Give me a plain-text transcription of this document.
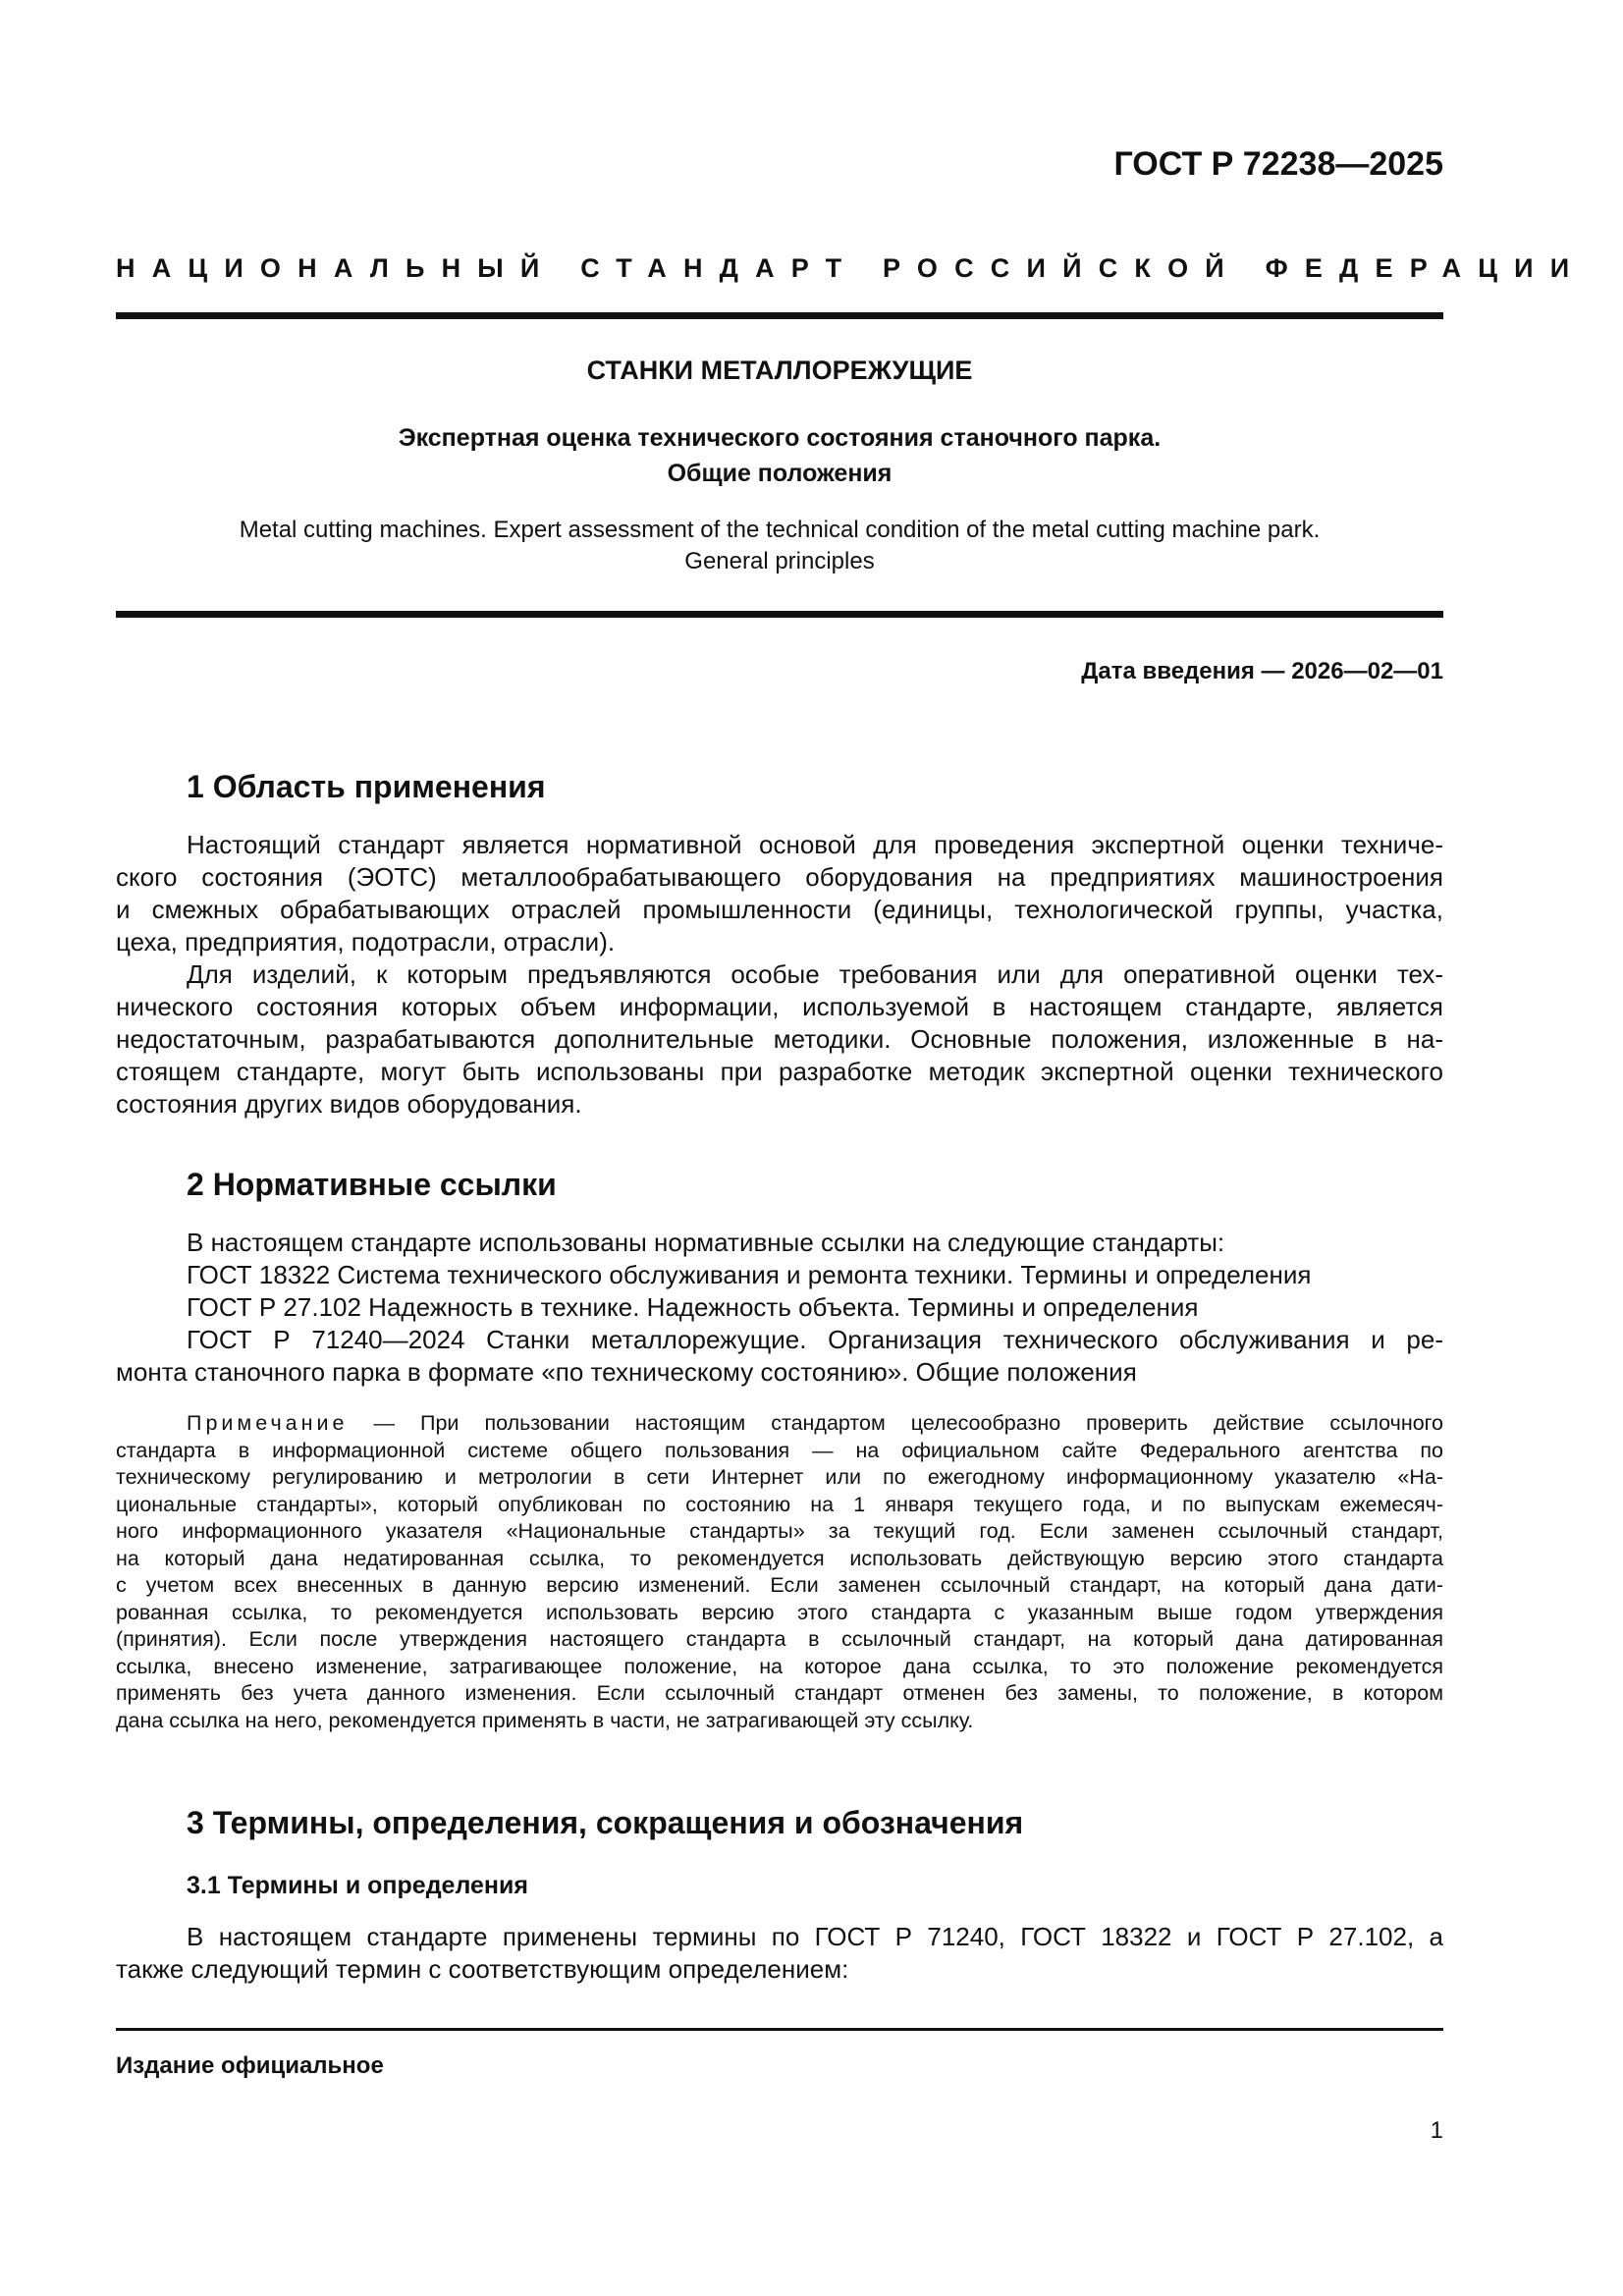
ГОСТ Р 72238—2025
НАЦИОНАЛЬНЫЙ СТАНДАРТ РОССИЙСКОЙ ФЕДЕРАЦИИ
СТАНКИ МЕТАЛЛОРЕЖУЩИЕ
Экспертная оценка технического состояния станочного парка.
Общие положения
Metal cutting machines. Expert assessment of the technical condition of the metal cutting machine park.
General principles
Дата введения — 2026—02—01
1 Область применения
Настоящий стандарт является нормативной основой для проведения экспертной оценки техниче-
ского состояния (ЭОТС) металлообрабатывающего оборудования на предприятиях машиностроения
и смежных обрабатывающих отраслей промышленности (единицы, технологической группы, участка,
цеха, предприятия, подотрасли, отрасли).
Для изделий, к которым предъявляются особые требования или для оперативной оценки тех-
нического состояния которых объем информации, используемой в настоящем стандарте, является
недостаточным, разрабатываются дополнительные методики. Основные положения, изложенные в на-
стоящем стандарте, могут быть использованы при разработке методик экспертной оценки технического
состояния других видов оборудования.
2 Нормативные ссылки
В настоящем стандарте использованы нормативные ссылки на следующие стандарты:
ГОСТ 18322 Система технического обслуживания и ремонта техники. Термины и определения
ГОСТ Р 27.102 Надежность в технике. Надежность объекта. Термины и определения
ГОСТ Р 71240—2024 Станки металлорежущие. Организация технического обслуживания и ре-
монта станочного парка в формате «по техническому состоянию». Общие положения
Примечание — При пользовании настоящим стандартом целесообразно проверить действие ссылочного
стандарта в информационной системе общего пользования — на официальном сайте Федерального агентства по
техническому регулированию и метрологии в сети Интернет или по ежегодному информационному указателю «На-
циональные стандарты», который опубликован по состоянию на 1 января текущего года, и по выпускам ежемесяч-
ного информационного указателя «Национальные стандарты» за текущий год. Если заменен ссылочный стандарт,
на который дана недатированная ссылка, то рекомендуется использовать действующую версию этого стандарта
с учетом всех внесенных в данную версию изменений. Если заменен ссылочный стандарт, на который дана дати-
рованная ссылка, то рекомендуется использовать версию этого стандарта с указанным выше годом утверждения
(принятия). Если после утверждения настоящего стандарта в ссылочный стандарт, на который дана датированная
ссылка, внесено изменение, затрагивающее положение, на которое дана ссылка, то это положение рекомендуется
применять без учета данного изменения. Если ссылочный стандарт отменен без замены, то положение, в котором
дана ссылка на него, рекомендуется применять в части, не затрагивающей эту ссылку.
3 Термины, определения, сокращения и обозначения
3.1 Термины и определения
В настоящем стандарте применены термины по ГОСТ Р 71240, ГОСТ 18322 и ГОСТ Р 27.102, а
также следующий термин с соответствующим определением:
Издание официальное
1
